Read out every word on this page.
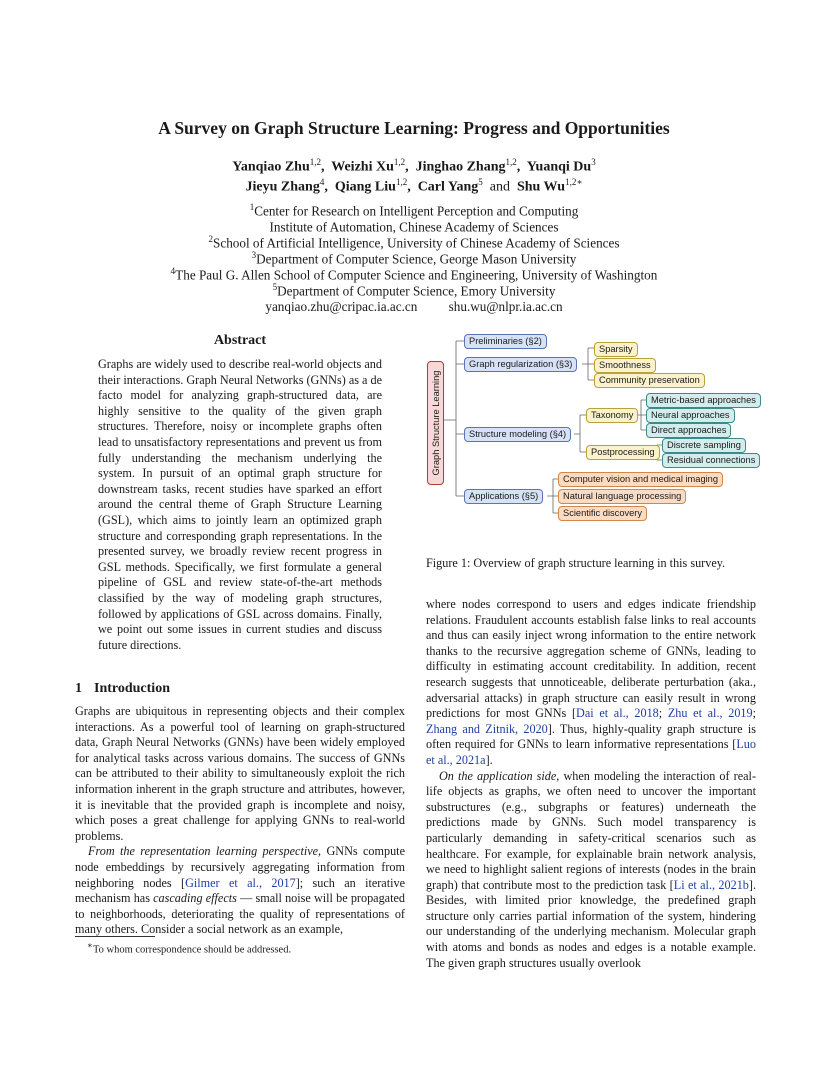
A Survey on Graph Structure Learning: Progress and Opportunities
Yanqiao Zhu$^{1,2}$,  Weizhi Xu$^{1,2}$,  Jinghao Zhang$^{1,2}$,  Yuanqi Du$^3$
Jieyu Zhang$^4$,  Qiang Liu$^{1,2}$,  Carl Yang$^5$ and Shu $Wu^{1,2∗}$
$^1$Center for Research on Intelligent Perception and Computing
Institute of Automation, Chinese Academy of Sciences
$^2$School of Artificial Intelligence, University of Chinese Academy of Sciences
$^3$Department of Computer Science, George Mason University
$^4$The Paul G. Allen School of Computer Science and Engineering, University of Washington
$^5$Department of Computer Science, Emory University
yanqiao.zhu@cripac.ia.ac.cn shu.wu@nlpr.ia.ac.cn
Abstract

Graphs are widely used to describe real-world objects and their interactions. Graph Neural Networks (GNNs) as a de facto model for analyzing graph-structured data, are highly sensitive to the quality of the given graph structures. Therefore, noisy or incomplete graphs often lead to unsatisfactory representations and prevent us from fully understanding the mechanism underlying the system. In pursuit of an optimal graph structure for downstream tasks, recent studies have sparked an effort around the central theme of Graph Structure Learning (GSL), which aims to jointly learn an optimized graph structure and corresponding graph representations. In the presented survey, we broadly review recent progress in GSL methods. Specifically, we first formulate a general pipeline of GSL and review state-of-the-art methods classified by the way of modeling graph structures, followed by applications of GSL across domains. Finally, we point out some issues in current studies and discuss future directions.

1 Introduction

Graphs are ubiquitous in representing objects and their complex interactions. As a powerful tool of learning on graph-structured data, Graph Neural Networks (GNNs) have been widely employed for analytical tasks across various domains. The success of GNNs can be attributed to their ability to simultaneously exploit the rich information inherent in the graph structure and attributes, however, it is inevitable that the provided graph is incomplete and noisy, which poses a great challenge for applying GNNs to real-world problems.

From the representation learning perspective, GNNs compute node embeddings by recursively aggregating information from neighboring nodes [Gilmer et al., 2017]; such an iterative mechanism has cascading effects — small noise will be propagated to neighborhoods, deteriorating the quality of representations of many others. Consider a social network as an example,

∗To whom correspondence should be addressed.
Graph Structure Learning
Preliminaries (§2)
Graph regularization (§3)
Sparsity
Smoothness
Community preservation
Structure modeling (§4)
Taxonomy
Metric-based approaches
Neural approaches
Direct approaches
Postprocessing
Discrete sampling
Residual connections
Applications (§5)
Computer vision and medical imaging
Natural language processing
Scientific discovery
Figure 1: Overview of graph structure learning in this survey.

where nodes correspond to users and edges indicate friendship relations. Fraudulent accounts establish false links to real accounts and thus can easily inject wrong information to the entire network thanks to the recursive aggregation scheme of GNNs, leading to difficulty in estimating account creditability. In addition, recent research suggests that unnoticeable, deliberate perturbation (aka., adversarial attacks) in graph structure can easily result in wrong predictions for most GNNs [Dai et al., 2018; Zhu et al., 2019; Zhang and Zitnik, 2020]. Thus, highly-quality graph structure is often required for GNNs to learn informative representations [Luo et al., 2021a].

On the application side, when modeling the interaction of real-life objects as graphs, we often need to uncover the important substructures (e.g., subgraphs or features) underneath the predictions made by GNNs. Such model transparency is particularly demanding in safety-critical scenarios such as healthcare. For example, for explainable brain network analysis, we need to highlight salient regions of interests (nodes in the brain graph) that contribute most to the prediction task [Li et al., 2021b]. Besides, with limited prior knowledge, the predefined graph structure only carries partial information of the system, hindering our understanding of the underlying mechanism. Molecular graph with atoms and bonds as nodes and edges is a notable example. The given graph structures usually overlook
